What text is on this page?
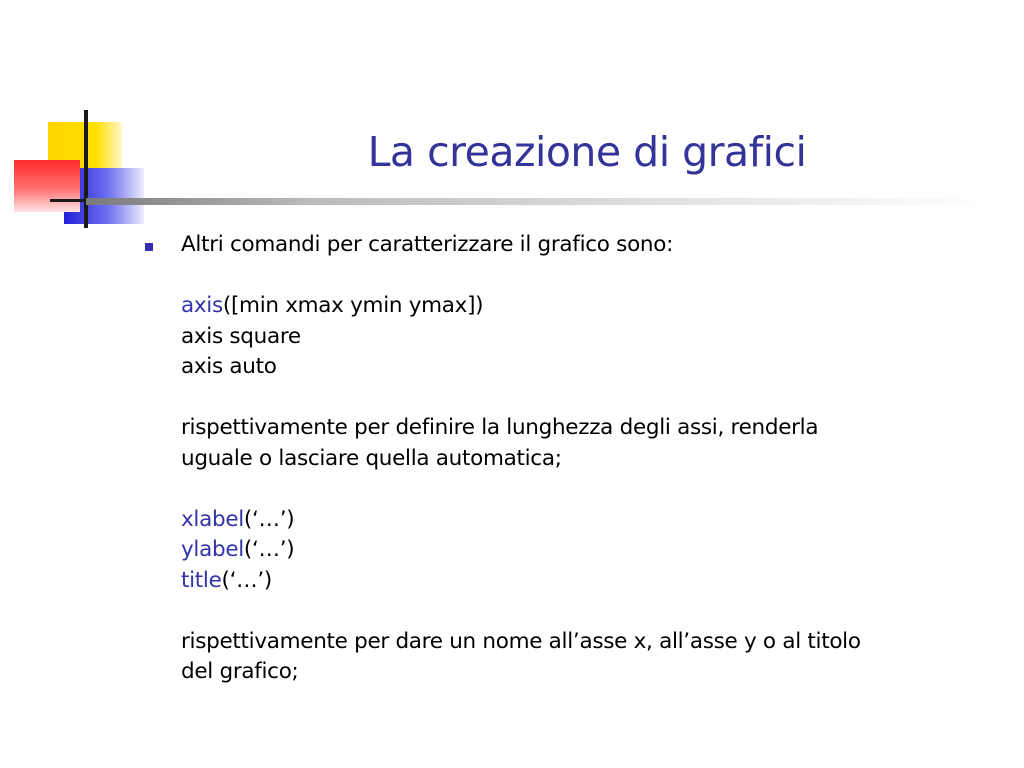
La creazione di grafici
Altri comandi per caratterizzare il grafico sono:
axis([min xmax ymin ymax])
axis square
axis auto
rispettivamente per definire la lunghezza degli assi, renderla
uguale o lasciare quella automatica;
xlabel(‘…’)
ylabel(‘…’)
title(‘…’)
rispettivamente per dare un nome all’asse x, all’asse y o al titolo
del grafico;
